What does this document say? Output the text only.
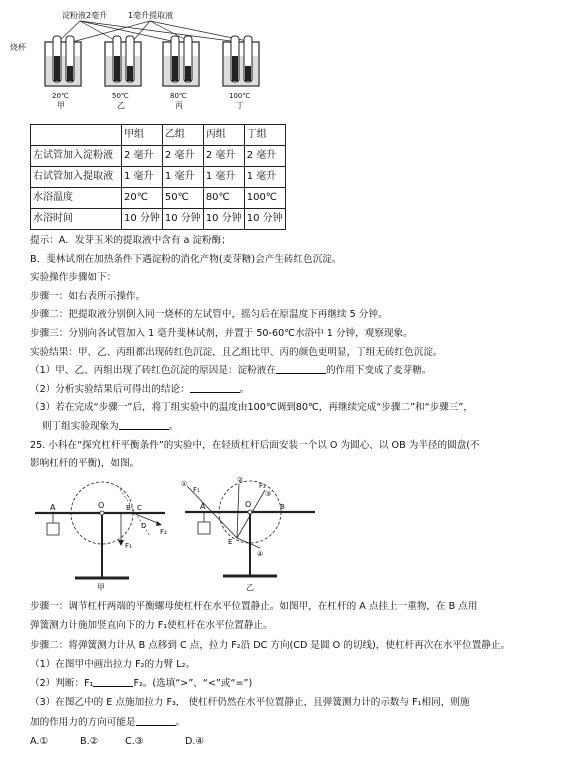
淀粉液2毫升	1毫升提取液
烧杯
20℃
甲
50℃
乙
80℃
丙
100℃
丁
	甲组	乙组	丙组	丁组
左试管加入淀粉液	2 毫升	2 毫升	2 毫升	2 毫升
右试管加入提取液	1 毫升	1 毫升	1 毫升	1 毫升
水浴温度	20℃	50℃	80℃	100℃
水浴时间	10 分钟	10 分钟	10 分钟	10 分钟
提示：A．发芽玉米的提取液中含有 a 淀粉酶；
B．斐林试剂在加热条件下遇淀粉的消化产物(麦芽糖)会产生砖红色沉淀。
实验操作步骤如下：
步骤一：如右表所示操作。
步骤二：把提取液分别倒入同一烧杯的左试管中，摇匀后在原温度下再继续 5 分钟。
步骤三：分别向各试管加入 1 毫升斐林试剂，并置于 50-60℃水浴中 1 分钟，观察现象。
实验结果：甲、乙、丙组都出现砖红色沉淀，且乙组比甲、丙的颜色更明显，丁组无砖红色沉淀。
（1）甲、乙、丙组出现了砖红色沉淀的原因是：淀粉液在	的作用下变成了麦芽糖。
（2）分析实验结果后可得出的结论：	。
（3）若在完成“步骤一”后，将丁组实验中的温度由100℃调到80℃，再继续完成“步骤二”和“步骤三”，
则丁组实验现象为	。
25. 小科在“探究杠杆平衡条件”的实验中，在轻质杠杆后面安装一个以 O 为圆心、以 OB 为半径的圆盘(不
影响杠杆的平衡)，如图。
A	O	B C
D
F₁
F₂
甲
①
F₁
②
F₂
③
④
A	O	B
E
乙
步骤一：调节杠杆两端的平衡螺母使杠杆在水平位置静止。如图甲，在杠杆的 A 点挂上一重物，在 B 点用
弹簧测力计施加竖直向下的力 F₁使杠杆在水平位置静止。
步骤二：将弹簧测力计从 B 点移到 C 点，拉力 F₂沿 DC 方向(CD 是圆 O 的切线)，使杠杆再次在水平位置静止。
（1）在图甲中画出拉力 F₂的力臂 L₂。
（2）判断：F₁	F₂。(选填“>”、“<”或“=”)
（3）在图乙中的 E 点施加拉力 F₃， 使杠杆仍然在水平位置静止，且弹簧测力计的示数与 F₁相同，则施
加的作用力的方向可能是	。
A.①	B.②	C.③	D.④
